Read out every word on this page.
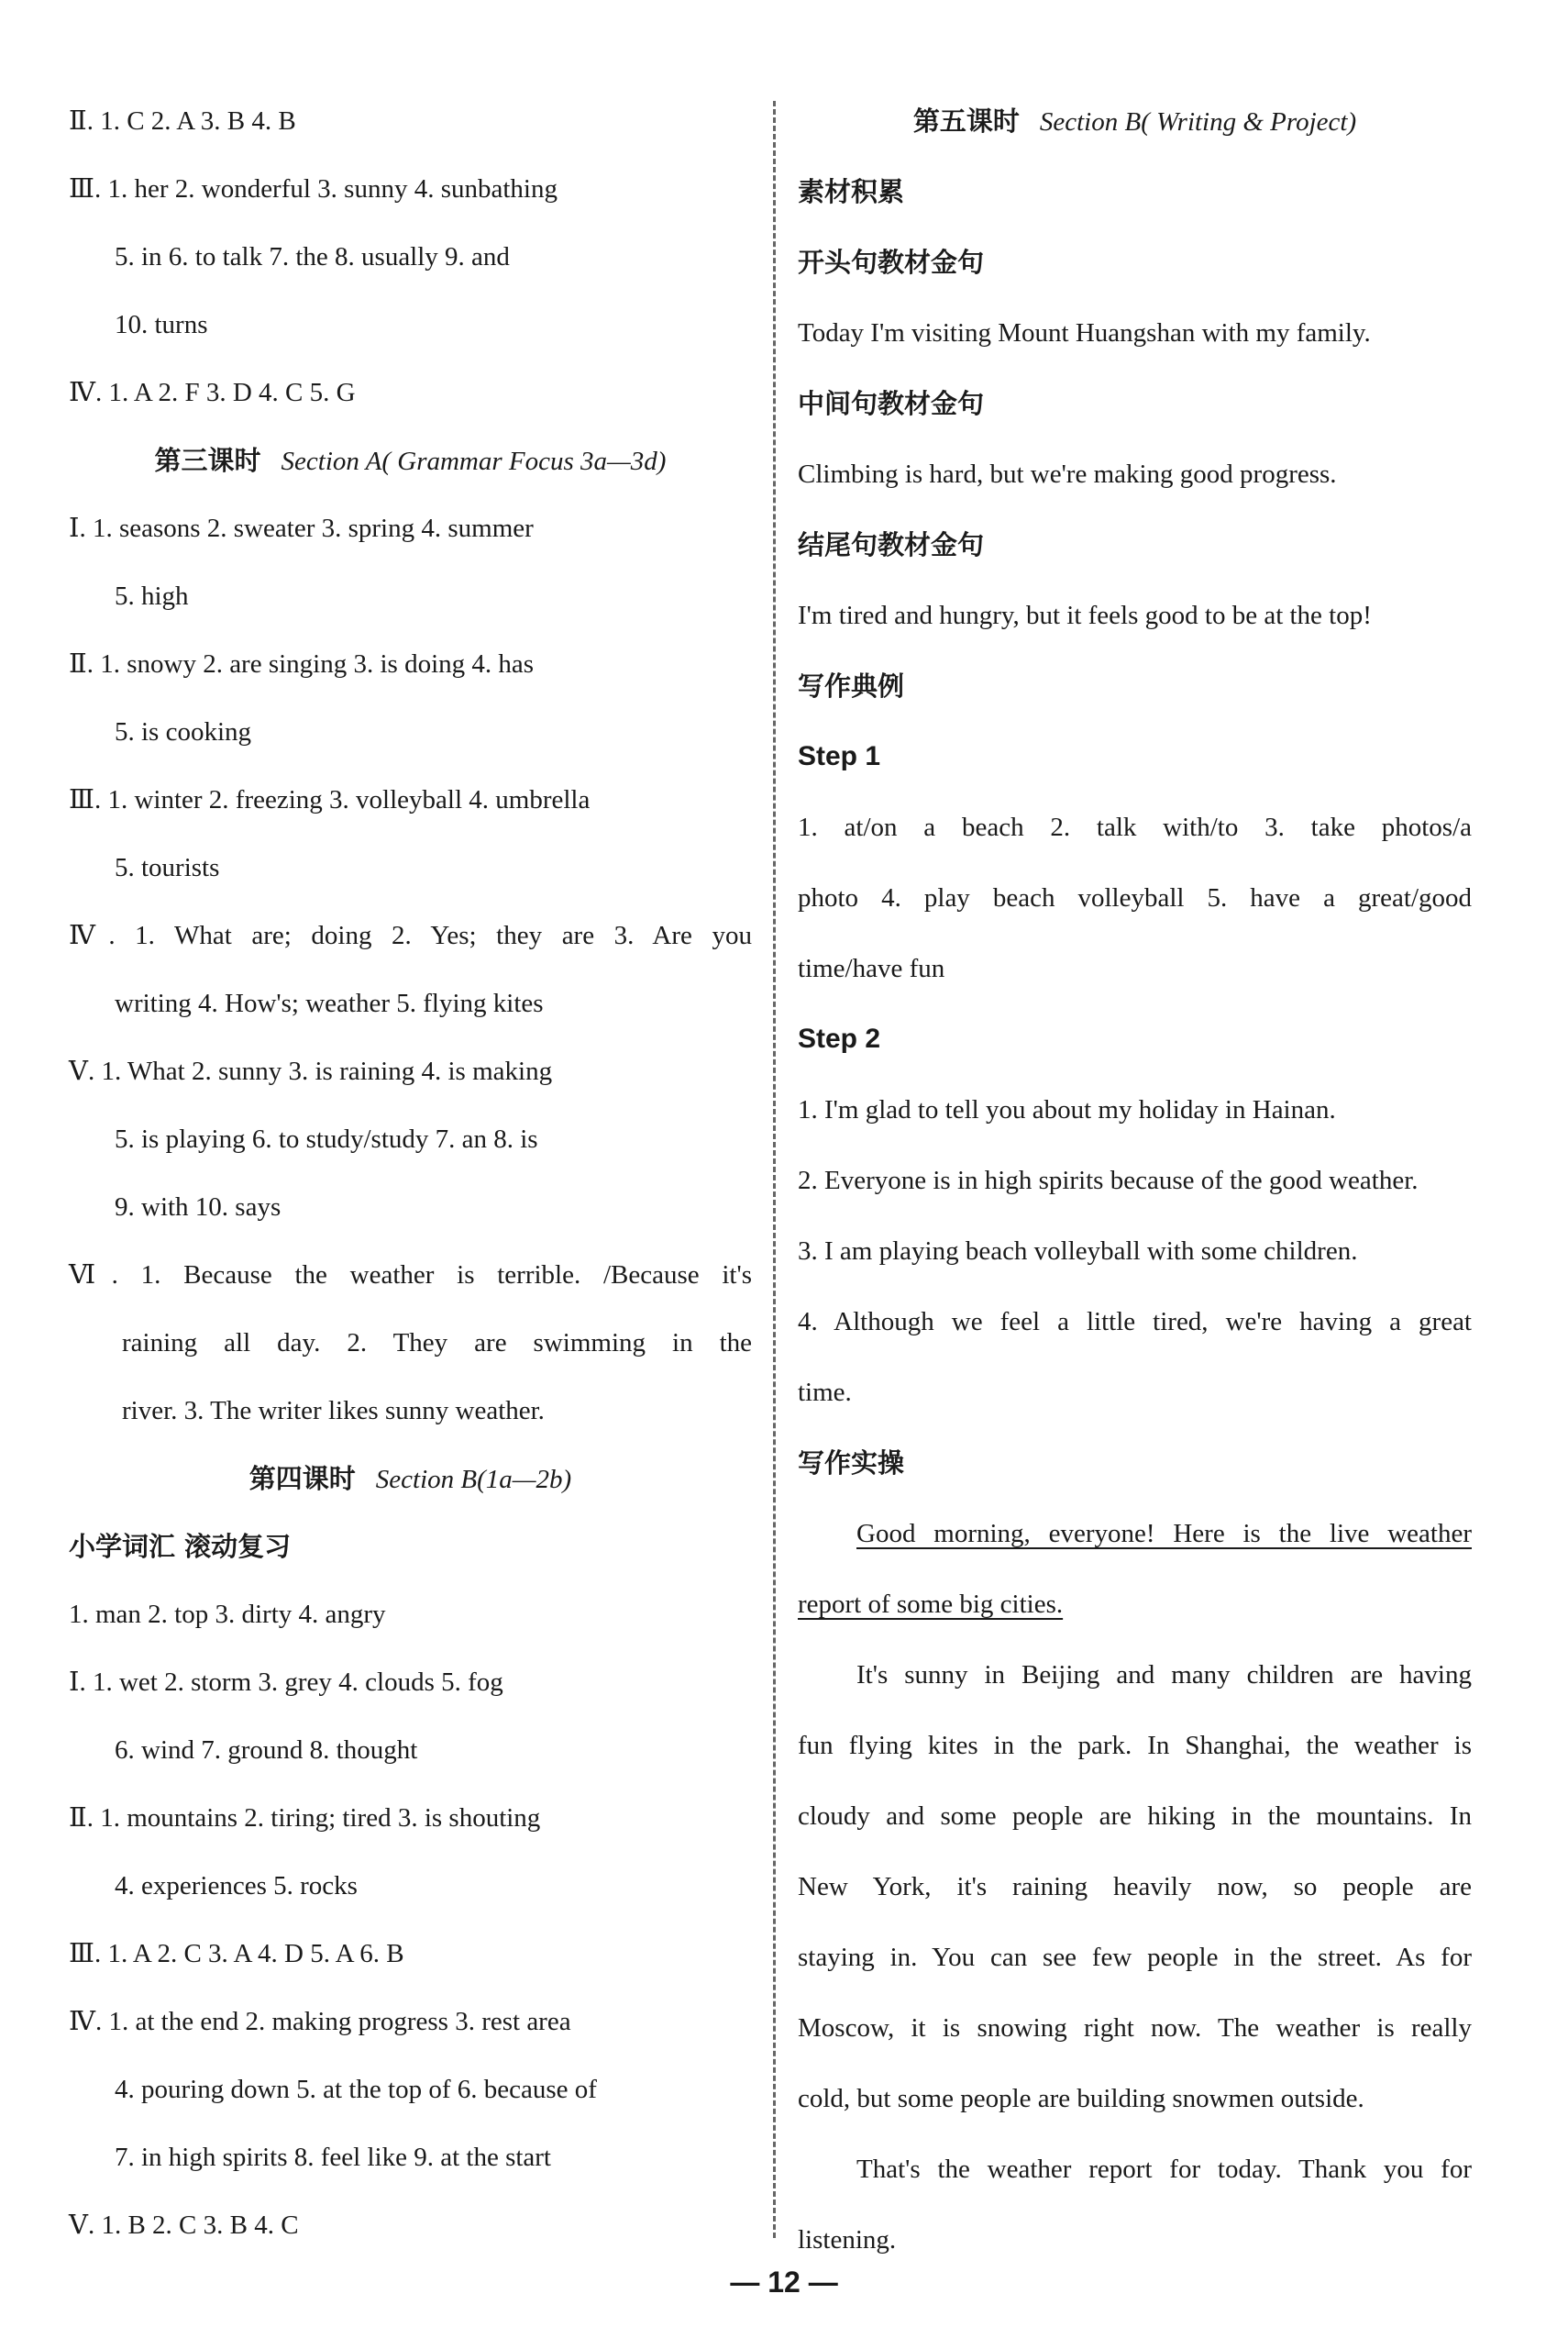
Ⅱ. 1. C 2. A 3. B 4. B
Ⅲ. 1. her 2. wonderful 3. sunny 4. sunbathing
5. in 6. to talk 7. the 8. usually 9. and
10. turns
Ⅳ. 1. A 2. F 3. D 4. C 5. G
第三课时 Section A( Grammar Focus 3a—3d)
Ⅰ. 1. seasons 2. sweater 3. spring 4. summer
5. high
Ⅱ. 1. snowy 2. are singing 3. is doing 4. has
5. is cooking
Ⅲ. 1. winter 2. freezing 3. volleyball 4. umbrella
5. tourists
Ⅳ. 1. What are; doing 2. Yes; they are 3. Are you
writing 4. How's; weather 5. flying kites
Ⅴ. 1. What 2. sunny 3. is raining 4. is making
5. is playing 6. to study/study 7. an 8. is
9. with 10. says
Ⅵ. 1. Because the weather is terrible. /Because it's
raining all day. 2. They are swimming in the
river. 3. The writer likes sunny weather.
第四课时 Section B(1a—2b)
小学词汇 滚动复习
1. man 2. top 3. dirty 4. angry
Ⅰ. 1. wet 2. storm 3. grey 4. clouds 5. fog
6. wind 7. ground 8. thought
Ⅱ. 1. mountains 2. tiring; tired 3. is shouting
4. experiences 5. rocks
Ⅲ. 1. A 2. C 3. A 4. D 5. A 6. B
Ⅳ. 1. at the end 2. making progress 3. rest area
4. pouring down 5. at the top of 6. because of
7. in high spirits 8. feel like 9. at the start
Ⅴ. 1. B 2. C 3. B 4. C
第五课时 Section B( Writing & Project)
素材积累
开头句教材金句
Today I'm visiting Mount Huangshan with my family.
中间句教材金句
Climbing is hard, but we're making good progress.
结尾句教材金句
I'm tired and hungry, but it feels good to be at the top!
写作典例
Step 1
1. at/on a beach 2. talk with/to 3. take photos/a
photo 4. play beach volleyball 5. have a great/good
time/have fun
Step 2
1. I'm glad to tell you about my holiday in Hainan.
2. Everyone is in high spirits because of the good weather.
3. I am playing beach volleyball with some children.
4. Although we feel a little tired, we're having a great
time.
写作实操
Good morning, everyone! Here is the live weather
report of some big cities.
It's sunny in Beijing and many children are having
fun flying kites in the park. In Shanghai, the weather is
cloudy and some people are hiking in the mountains. In
New York, it's raining heavily now, so people are
staying in. You can see few people in the street. As for
Moscow, it is snowing right now. The weather is really
cold, but some people are building snowmen outside.
That's the weather report for today. Thank you for
listening.
— 12 —
